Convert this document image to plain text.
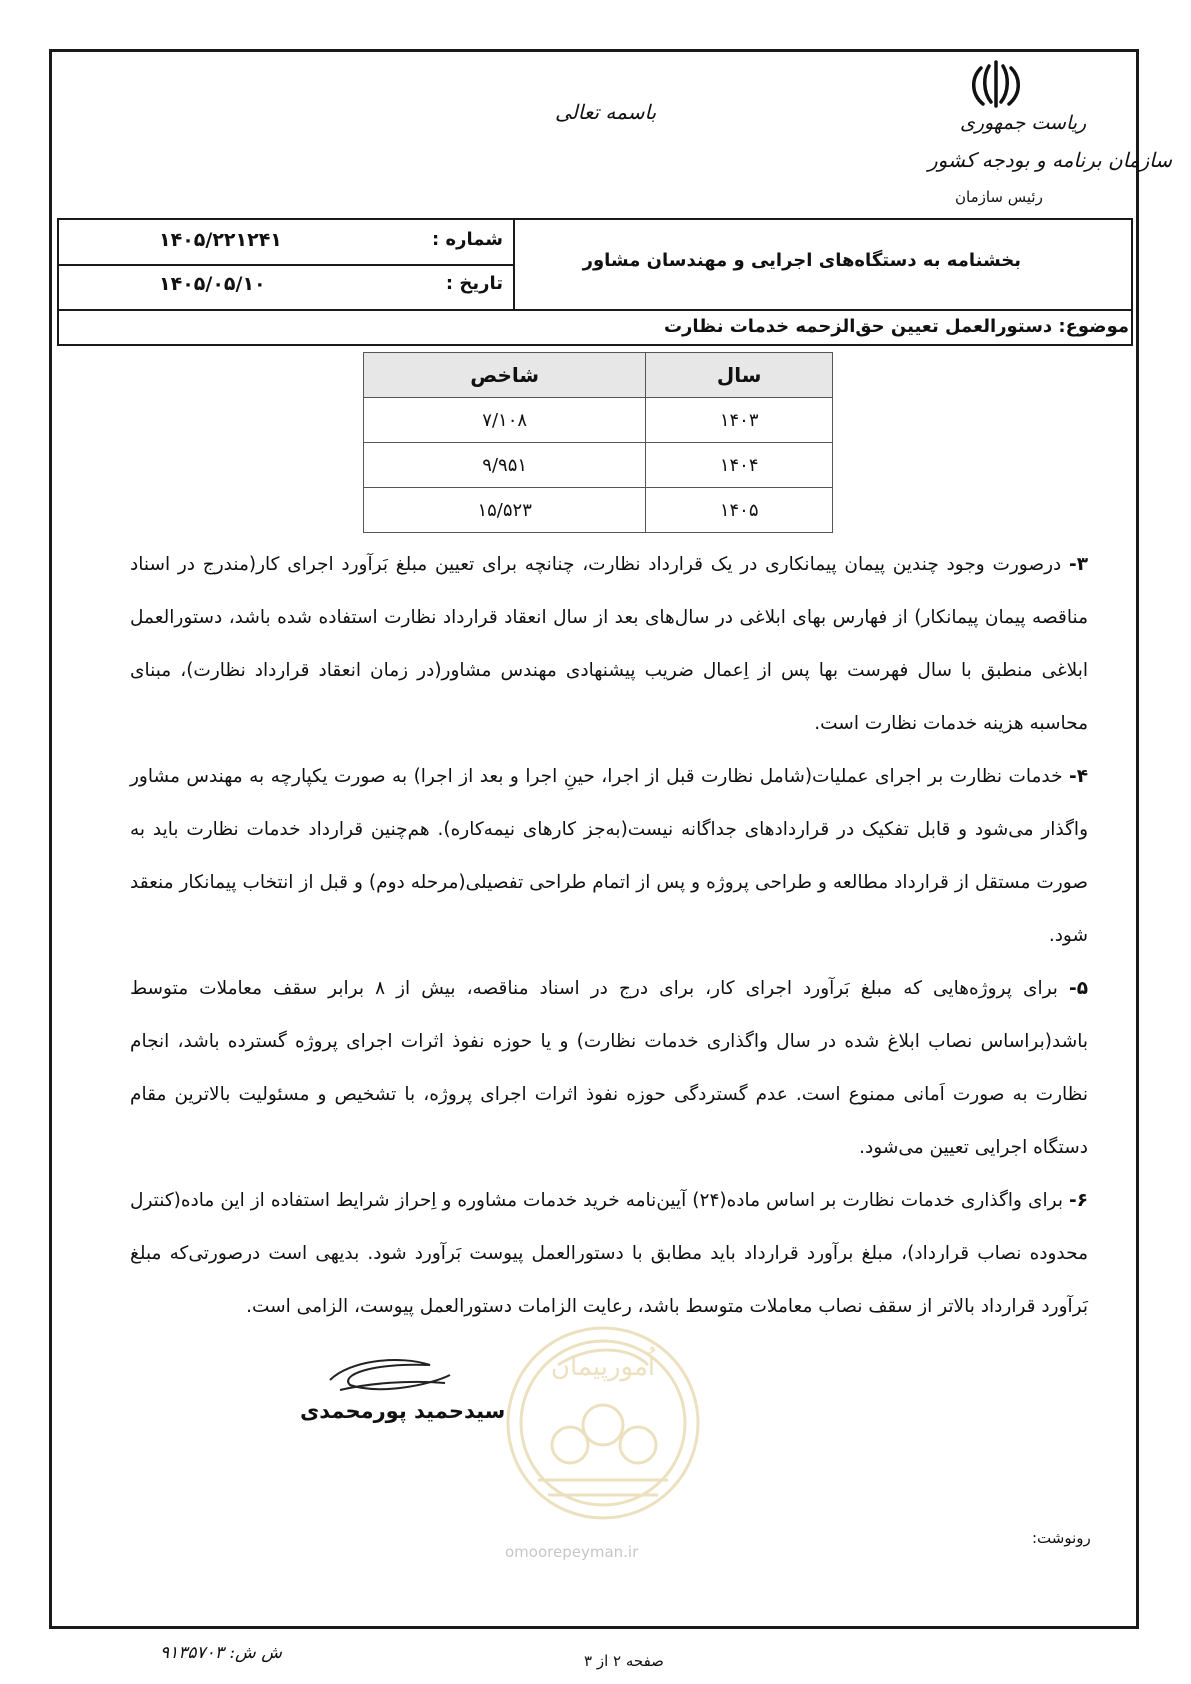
باسمه تعالی	ریاست جمهوری
سازمان برنامه و بودجه کشور
رئیس سازمان
شماره :
۱۴۰۵/۲۲۱۲۴۱
تاریخ :
۱۴۰۵/۰۵/۱۰
بخشنامه به دستگاه‌های اجرایی و مهندسان مشاور
موضوع: دستورالعمل تعیین حق‌الزحمه خدمات نظارت
سال	شاخص
۱۴۰۳	۷/۱۰۸
۱۴۰۴	۹/۹۵۱
۱۴۰۵	۱۵/۵۲۳

۳- درصورت وجود چندین پیمان پیمانکاری در یک قرارداد نظارت، چنانچه برای تعیین مبلغ بَرآورد اجرای کار(مندرج در اسناد مناقصه پیمان پیمانکار) از فهارس بهای ابلاغی در سال‌های بعد از سال انعقاد قرارداد نظارت استفاده شده باشد، دستورالعمل ابلاغی منطبق با سال فهرست بها پس از اِعمال ضریب پیشنهادی مهندس مشاور(در زمان انعقاد قرارداد نظارت)، مبنای محاسبه هزینه خدمات نظارت است.

۴- خدمات نظارت بر اجرای عملیات(شامل نظارت قبل از اجرا، حینِ اجرا و بعد از اجرا) به صورت یکپارچه به مهندس مشاور واگذار می‌شود و قابل تفکیک در قراردادهای جداگانه نیست(به‌جز کارهای نیمه‌کاره). هم‌چنین قرارداد خدمات نظارت باید به صورت مستقل از قرارداد مطالعه و طراحی پروژه و پس از اتمام طراحی تفصیلی(مرحله دوم) و قبل از انتخاب پیمانکار منعقد شود.

۵- برای پروژه‌هایی که مبلغ بَرآورد اجرای کار، برای درج در اسناد مناقصه، بیش از ۸ برابر سقف معاملات متوسط باشد(براساس نصاب ابلاغ شده در سال واگذاری خدمات نظارت) و یا حوزه نفوذ اثرات اجرای پروژه گسترده باشد، انجام نظارت به صورت اَمانی ممنوع است. عدم گستردگی حوزه نفوذ اثرات اجرای پروژه، با تشخیص و مسئولیت بالاترین مقام دستگاه اجرایی تعیین می‌شود.

۶- برای واگذاری خدمات نظارت بر اساس ماده(۲۴) آیین‌نامه خرید خدمات مشاوره و اِحراز شرایط استفاده از این ماده(کنترل محدوده نصاب قرارداد)، مبلغ برآورد قرارداد باید مطابق با دستورالعمل پیوست بَرآورد شود. بدیهی است درصورتی‌که مبلغ بَرآورد قرارداد بالاتر از سقف نصاب معاملات متوسط باشد، رعایت الزامات دستورالعمل پیوست، الزامی است.

اُمورپیمان
omoorepeyman.ir
سیدحمید پورمحمدی
رونوشت:
ش ش: ۹۱۳۵۷۰۳	صفحه ۲ از ۳
